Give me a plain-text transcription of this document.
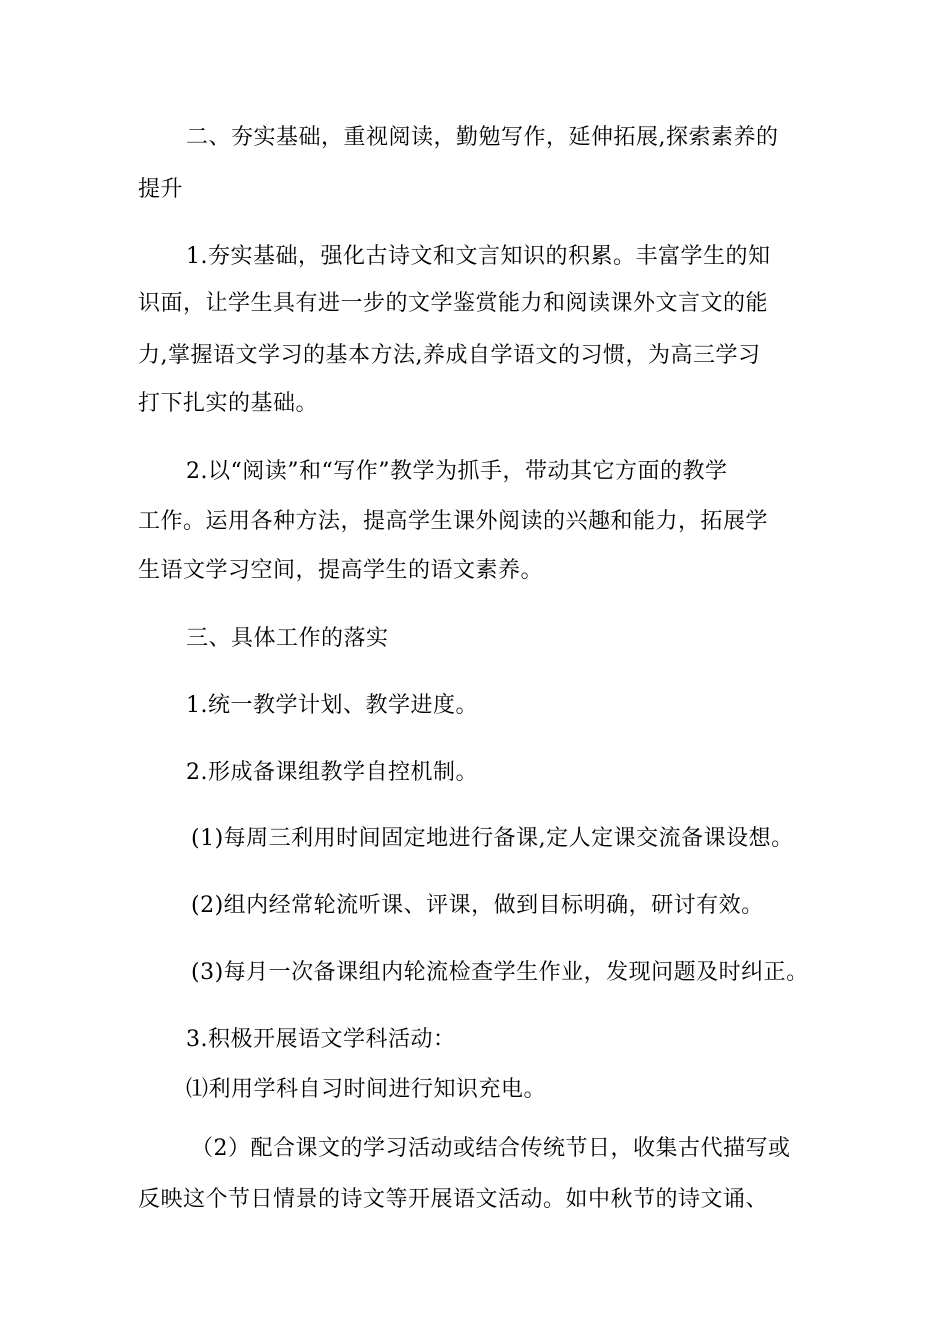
二、夯实基础，重视阅读，勤勉写作，延伸拓展,探索素养的
提升
1.夯实基础，强化古诗文和文言知识的积累。丰富学生的知
识面，让学生具有进一步的文学鉴赏能力和阅读课外文言文的能
力,掌握语文学习的基本方法,养成自学语文的习惯，为高三学习
打下扎实的基础。
2.以“阅读”和“写作”教学为抓手，带动其它方面的教学
工作。运用各种方法，提高学生课外阅读的兴趣和能力，拓展学
生语文学习空间，提高学生的语文素养。
三、具体工作的落实
1.统一教学计划、教学进度。
2.形成备课组教学自控机制。
(1)每周三利用时间固定地进行备课,定人定课交流备课设想。
(2)组内经常轮流听课、评课，做到目标明确，研讨有效。
(3)每月一次备课组内轮流检查学生作业，发现问题及时纠正。
3.积极开展语文学科活动：
⑴利用学科自习时间进行知识充电。
（2）配合课文的学习活动或结合传统节日，收集古代描写或
反映这个节日情景的诗文等开展语文活动。如中秋节的诗文诵、
